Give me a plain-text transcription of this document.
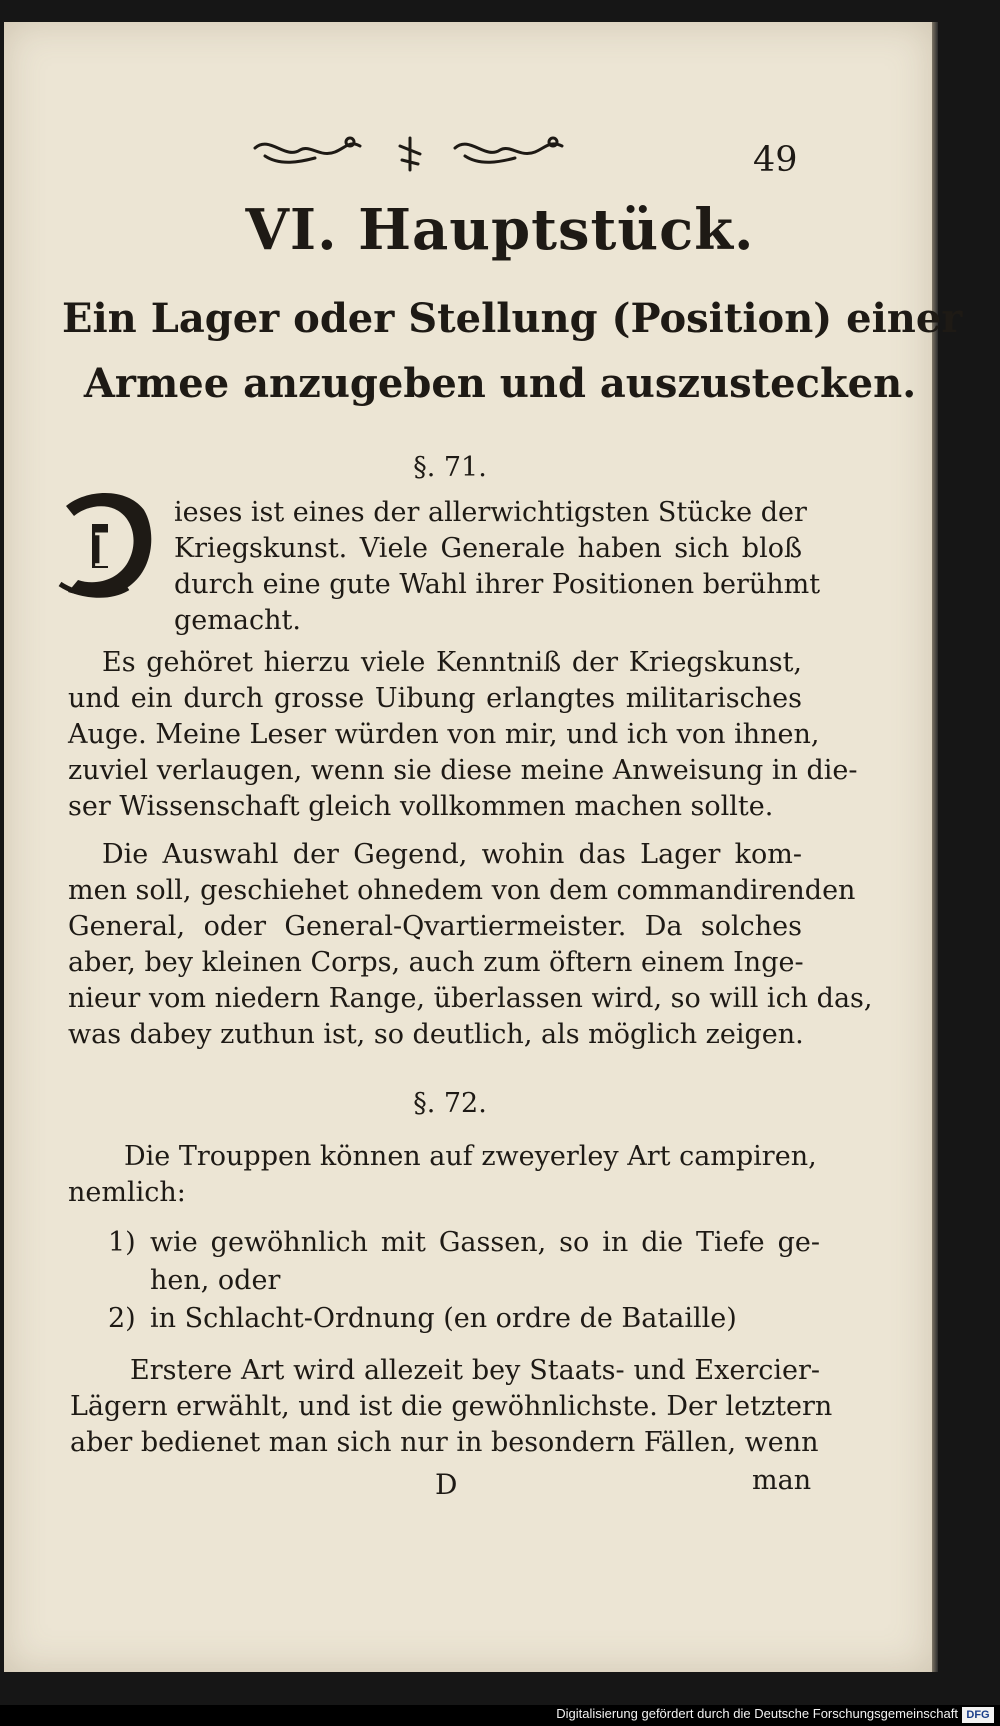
49
VI. Hauptstück.
Ein Lager oder Stellung (Position) einer
Armee anzugeben und auszustecken.
§. 71.
D
ieses ist eines der allerwichtigsten Stücke der
Kriegskunst. Viele Generale haben sich bloß
durch eine gute Wahl ihrer Positionen berühmt
gemacht.
Es gehöret hierzu viele Kenntniß der Kriegskunst,
und ein durch grosse Uibung erlangtes militarisches
Auge. Meine Leser würden von mir, und ich von ihnen,
zuviel verlaugen, wenn sie diese meine Anweisung in die-
ser Wissenschaft gleich vollkommen machen sollte.
Die Auswahl der Gegend, wohin das Lager kom-
men soll, geschiehet ohnedem von dem commandirenden
General, oder General-Qvartiermeister. Da solches
aber, bey kleinen Corps, auch zum öftern einem Inge-
nieur vom niedern Range, überlassen wird, so will ich das,
was dabey zuthun ist, so deutlich, als möglich zeigen.
§. 72.
Die Trouppen können auf zweyerley Art campiren,
nemlich:
1) wie gewöhnlich mit Gassen, so in die Tiefe ge-
hen, oder
2) in Schlacht-Ordnung (en ordre de Bataille)
Erstere Art wird allezeit bey Staats- und Exercier-
Lägern erwählt, und ist die gewöhnlichste. Der letztern
aber bedienet man sich nur in besondern Fällen, wenn
D	man
Digitalisierung gefördert durch die Deutsche Forschungsgemeinschaft DFG
